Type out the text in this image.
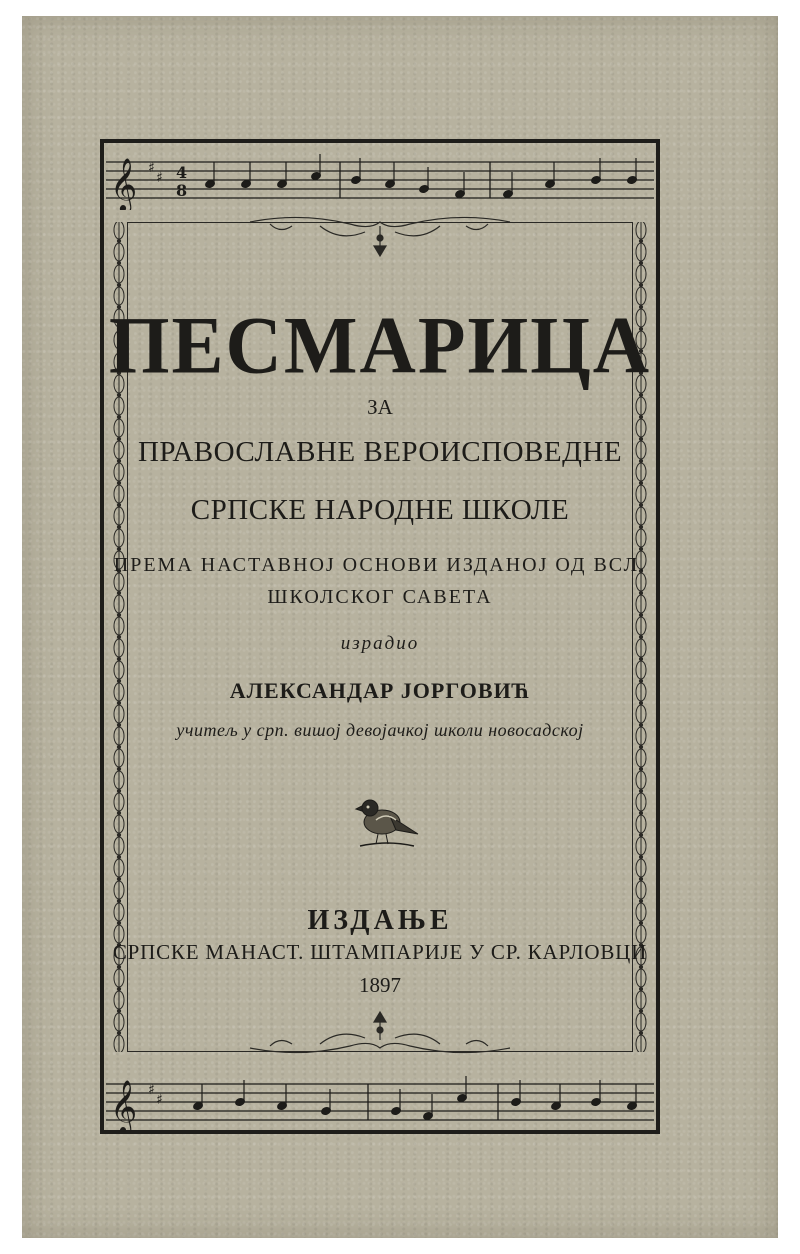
𝄞 ♯
♯ 4
8
ПЕСМАРИЦА
ЗА
ПРАВОСЛАВНЕ ВЕРОИСПОВЕДНЕ
СРПСКЕ НАРОДНЕ ШКОЛЕ
ПРЕМА НАСТАВНОЈ ОСНОВИ ИЗДАНОЈ ОД ВСЛ.
ШКОЛСКОГ САВЕТА
израдио
АЛЕКСАНДАР ЈОРГОВИЋ
учитељ у срп. вишој девојачкој школи новосадској
ИЗДАЊЕ
СРПСКЕ МАНАСТ. ШТАМПАРИЈЕ У СР. КАРЛОВЦИ
1897
𝄞 ♯
♯
